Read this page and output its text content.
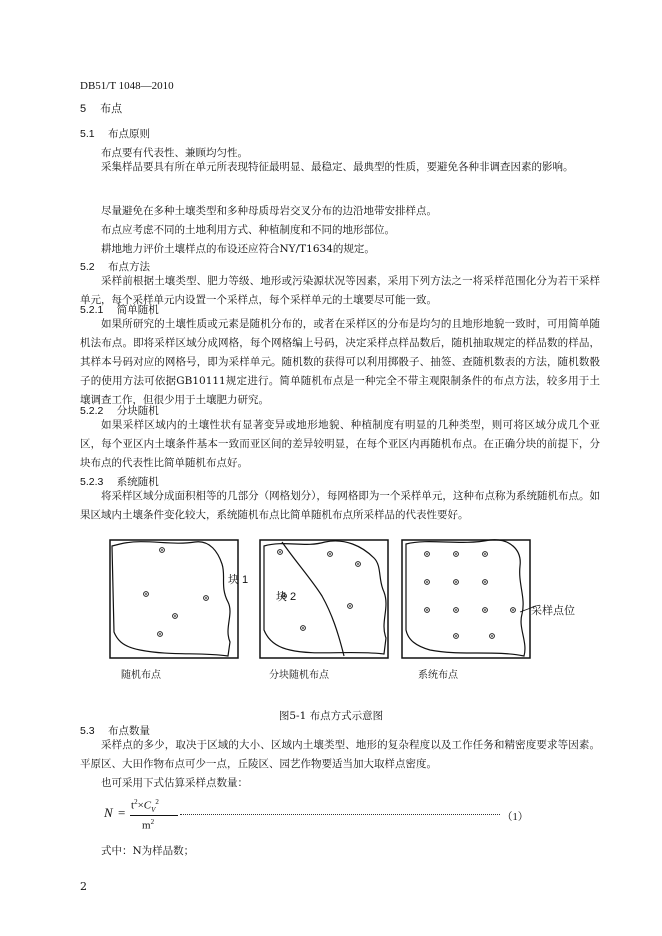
DB51/T 1048—2010
5 布点
5.1 布点原则
布点要有代表性、兼顾均匀性。
采集样品要具有所在单元所表现特征最明显、最稳定、最典型的性质，要避免各种非调查因素的影响。
尽量避免在多种土壤类型和多种母质母岩交叉分布的边沿地带安排样点。
布点应考虑不同的土地利用方式、种植制度和不同的地形部位。
耕地地力评价土壤样点的布设还应符合NY/T1634的规定。
5.2 布点方法
采样前根据土壤类型、肥力等级、地形或污染源状况等因素，采用下列方法之一将采样范围化分为若干采样单元，每个采样单元内设置一个采样点，每个采样单元的土壤要尽可能一致。
5.2.1 简单随机
如果所研究的土壤性质或元素是随机分布的，或者在采样区的分布是均匀的且地形地貌一致时，可用简单随机法布点。即将采样区域分成网格，每个网格编上号码，决定采样点样品数后，随机抽取规定的样品数的样品，其样本号码对应的网格号，即为采样单元。随机数的获得可以利用掷骰子、抽签、查随机数表的方法，随机数骰子的使用方法可依据GB10111规定进行。简单随机布点是一种完全不带主观限制条件的布点方法，较多用于土壤调查工作，但很少用于土壤肥力研究。
5.2.2 分块随机
如果采样区域内的土壤性状有显著变异或地形地貌、种植制度有明显的几种类型，则可将区域分成几个亚区，每个亚区内土壤条件基本一致而亚区间的差异较明显，在每个亚区内再随机布点。在正确分块的前提下，分块布点的代表性比简单随机布点好。
5.2.3 系统随机
将采样区域分成面积相等的几部分（网格划分），每网格即为一个采样单元，这种布点称为系统随机布点。如果区域内土壤条件变化较大，系统随机布点比简单随机布点所采样品的代表性要好。
块 1
块 2
采样点位
随机布点	分块随机布点	系统布点
图5-1 布点方式示意图
5.3 布点数量
采样点的多少，取决于区域的大小、区域内土壤类型、地形的复杂程度以及工作任务和精密度要求等因素。平原区、大田作物布点可少一点，丘陵区、园艺作物要适当加大取样点密度。
也可采用下式估算采样点数量：
$N = t^2\times C_V^2$
$m^2$	（1）
式中：N为样品数；
2
